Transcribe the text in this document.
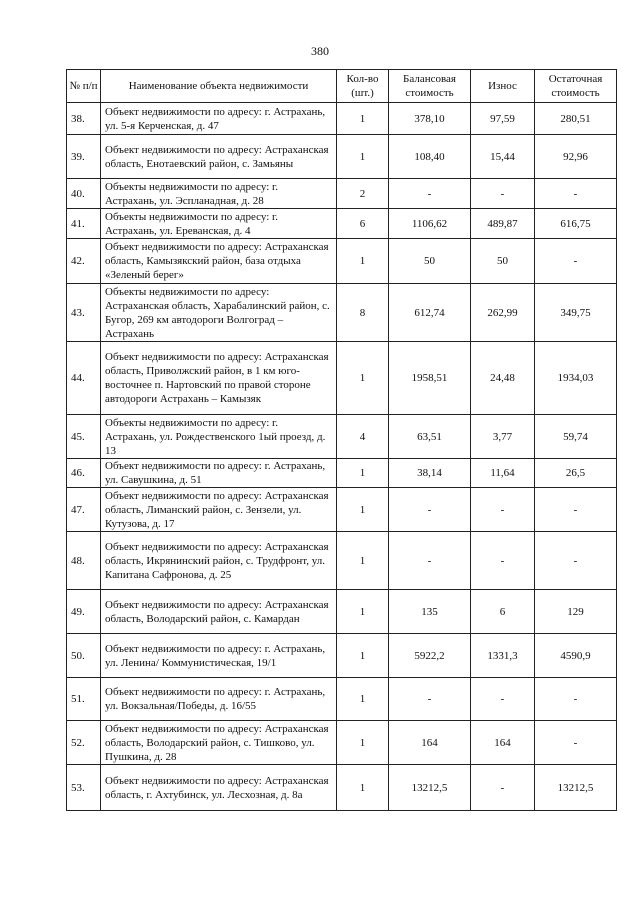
380
№ п/п	Наименование объекта недвижимости	Кол-во (шт.)	Балансовая стоимость	Износ	Остаточная стоимость
38.	Объект недвижимости по адресу: г. Астрахань, ул. 5-я Керченская, д. 47	1	378,10	97,59	280,51
39.	Объект недвижимости по адресу: Астраханская область, Енотаевский район, с. Замьяны	1	108,40	15,44	92,96
40.	Объекты недвижимости по адресу: г. Астрахань, ул. Эспланадная, д. 28	2	-	-	-
41.	Объекты недвижимости по адресу: г. Астрахань, ул. Ереванская, д. 4	6	1106,62	489,87	616,75
42.	Объект недвижимости по адресу: Астраханская область, Камызякский район, база отдыха «Зеленый берег»	1	50	50	-
43.	Объекты недвижимости по адресу: Астраханская область, Харабалинский район, с. Бугор, 269 км автодороги Волгоград – Астрахань	8	612,74	262,99	349,75
44.	Объект недвижимости по адресу: Астраханская область, Приволжский район, в 1 км юго-восточнее п. Нартовский по правой стороне автодороги Астрахань – Камызяк	1	1958,51	24,48	1934,03
45.	Объекты недвижимости по адресу: г. Астрахань, ул. Рождественского 1ый проезд, д. 13	4	63,51	3,77	59,74
46.	Объект недвижимости по адресу: г. Астрахань, ул. Савушкина, д. 51	1	38,14	11,64	26,5
47.	Объект недвижимости по адресу: Астраханская область, Лиманский район, с. Зензели, ул. Кутузова, д. 17	1	-	-	-
48.	Объект недвижимости по адресу: Астраханская область, Икрянинский район, с. Трудфронт, ул. Капитана Сафронова, д. 25	1	-	-	-
49.	Объект недвижимости по адресу: Астраханская область, Володарский район, с. Камардан	1	135	6	129
50.	Объект недвижимости по адресу: г. Астрахань, ул. Ленина/ Коммунистическая, 19/1	1	5922,2	1331,3	4590,9
51.	Объект недвижимости по адресу: г. Астрахань, ул. Вокзальная/Победы, д. 16/55	1	-	-	-
52.	Объект недвижимости по адресу: Астраханская область, Володарский район, с. Тишково, ул. Пушкина, д. 28	1	164	164	-
53.	Объект недвижимости по адресу: Астраханская область, г. Ахтубинск, ул. Лесхозная, д. 8а	1	13212,5	-	13212,5
